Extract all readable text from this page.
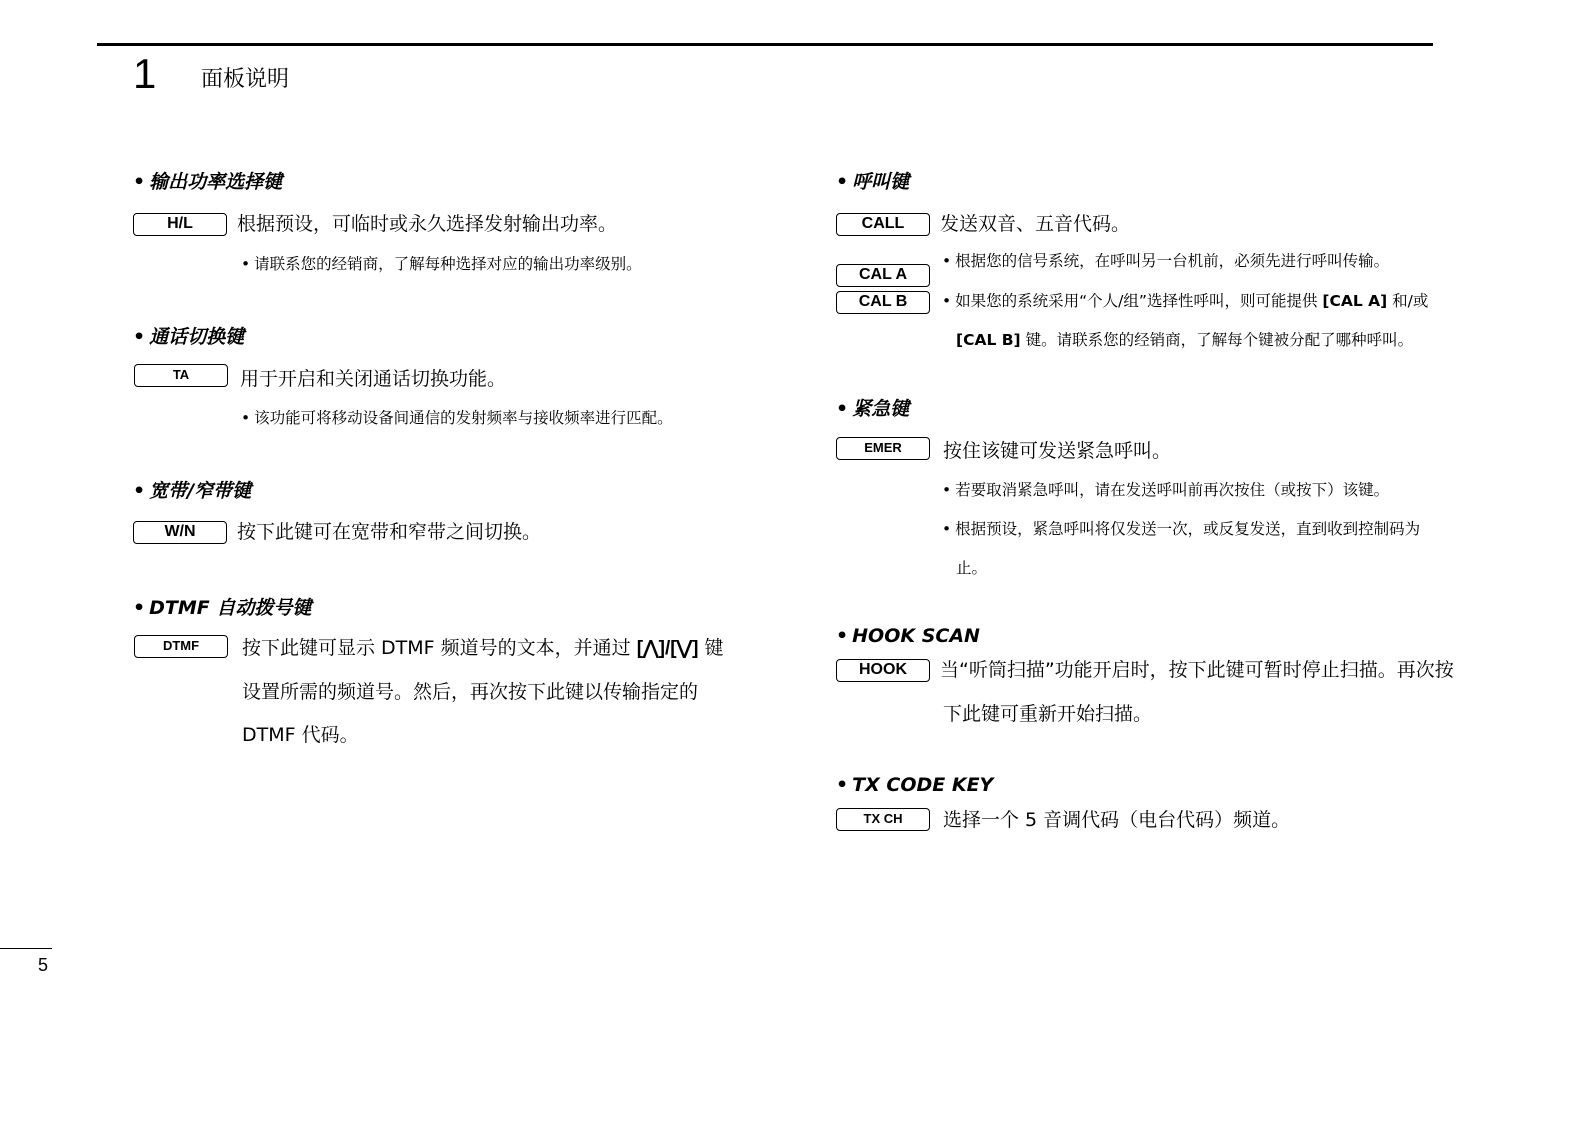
1 面板说明
• 输出功率选择键
H/L	根据预设，可临时或永久选择发射输出功率。
• 请联系您的经销商，了解每种选择对应的输出功率级别。
• 通话切换键
TA	用于开启和关闭通话切换功能。
• 该功能可将移动设备间通信的发射频率与接收频率进行匹配。
• 宽带/窄带键
W/N	按下此键可在宽带和窄带之间切换。
• DTMF 自动拨号键
DTMF	按下此键可显示 DTMF 频道号的文本，并通过 [⋀]/[⋁] 键
设置所需的频道号。然后，再次按下此键以传输指定的
DTMF 代码。
• 呼叫键
CALL	发送双音、五音代码。
CAL A
CAL B
• 根据您的信号系统，在呼叫另一台机前，必须先进行呼叫传输。
• 如果您的系统采用“个人/组”选择性呼叫，则可能提供 [CAL A] 和/或
[CAL B] 键。请联系您的经销商，了解每个键被分配了哪种呼叫。
• 紧急键
EMER	按住该键可发送紧急呼叫。
• 若要取消紧急呼叫，请在发送呼叫前再次按住（或按下）该键。
• 根据预设，紧急呼叫将仅发送一次，或反复发送，直到收到控制码为
止。
• HOOK SCAN
HOOK	当“听筒扫描”功能开启时，按下此键可暂时停止扫描。再次按
下此键可重新开始扫描。
• TX CODE KEY
TX CH	选择一个 5 音调代码（电台代码）频道。
5
